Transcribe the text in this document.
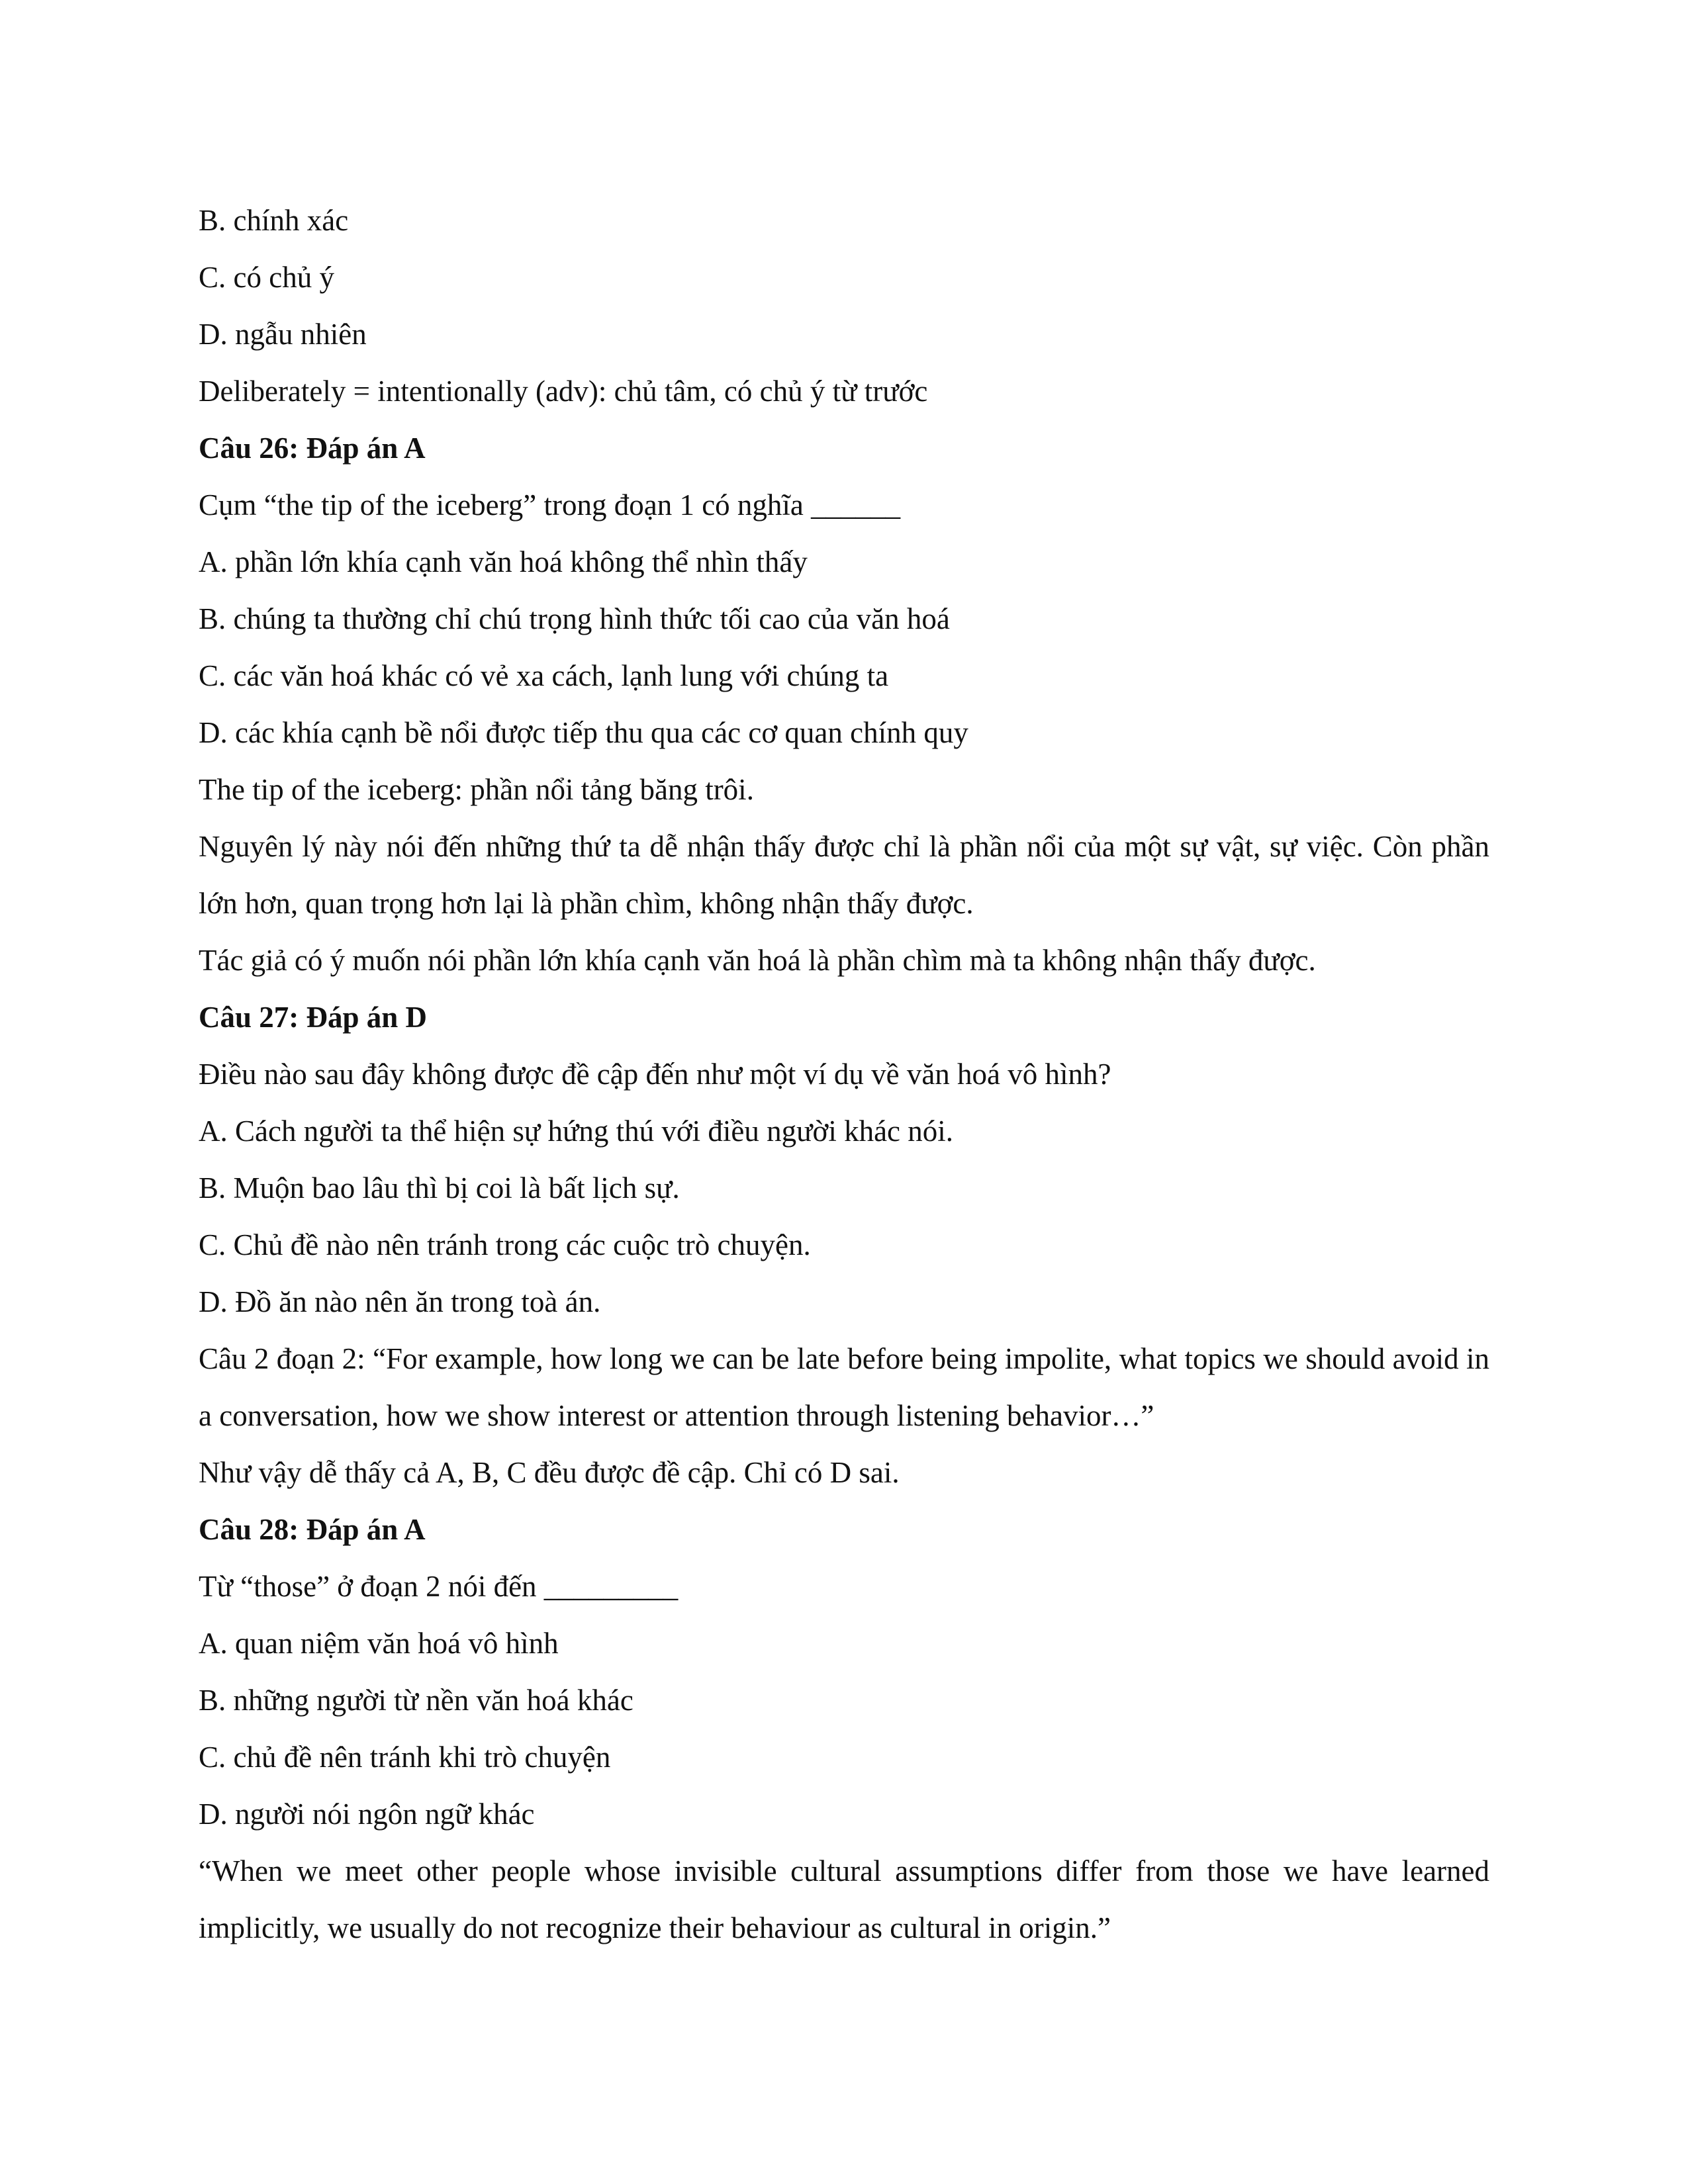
B. chính xác

C. có chủ ý

D. ngẫu nhiên

Deliberately = intentionally (adv): chủ tâm, có chủ ý từ trước

Câu 26: Đáp án A

Cụm “the tip of the iceberg” trong đoạn 1 có nghĩa ______

A. phần lớn khía cạnh văn hoá không thể nhìn thấy

B. chúng ta thường chỉ chú trọng hình thức tối cao của văn hoá

C. các văn hoá khác có vẻ xa cách, lạnh lung với chúng ta

D. các khía cạnh bề nổi được tiếp thu qua các cơ quan chính quy

The tip of the iceberg: phần nổi tảng băng trôi.

Nguyên lý này nói đến những thứ ta dễ nhận thấy được chỉ là phần nổi của một sự vật, sự việc. Còn phần lớn hơn, quan trọng hơn lại là phần chìm, không nhận thấy được.

Tác giả có ý muốn nói phần lớn khía cạnh văn hoá là phần chìm mà ta không nhận thấy được.

Câu 27: Đáp án D

Điều nào sau đây không được đề cập đến như một ví dụ về văn hoá vô hình?

A. Cách người ta thể hiện sự hứng thú với điều người khác nói.

B. Muộn bao lâu thì bị coi là bất lịch sự.

C. Chủ đề nào nên tránh trong các cuộc trò chuyện.

D. Đồ ăn nào nên ăn trong toà án.

Câu 2 đoạn 2: “For example, how long we can be late before being impolite, what topics we should avoid in a conversation, how we show interest or attention through listening behavior…”

Như vậy dễ thấy cả A, B, C đều được đề cập. Chỉ có D sai.

Câu 28: Đáp án A

Từ “those” ở đoạn 2 nói đến _________

A. quan niệm văn hoá vô hình

B. những người từ nền văn hoá khác

C. chủ đề nên tránh khi trò chuyện

D. người nói ngôn ngữ khác

“When we meet other people whose invisible cultural assumptions differ from those we have learned implicitly, we usually do not recognize their behaviour as cultural in origin.”
